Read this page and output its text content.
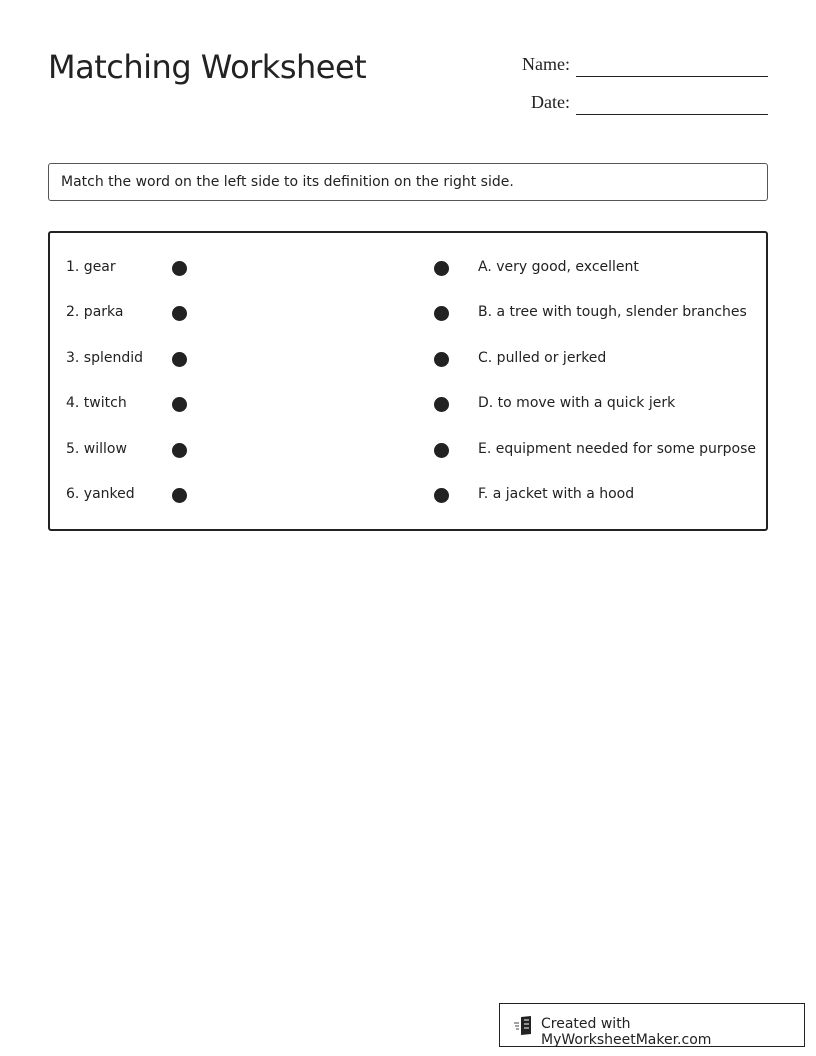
Matching Worksheet	Name:
Date:
Match the word on the left side to its definition on the right side.
1. gear	A. very good, excellent
2. parka	B. a tree with tough, slender branches
3. splendid	C. pulled or jerked
4. twitch	D. to move with a quick jerk
5. willow	E. equipment needed for some purpose
6. yanked	F. a jacket with a hood
Created with MyWorksheetMaker.com
